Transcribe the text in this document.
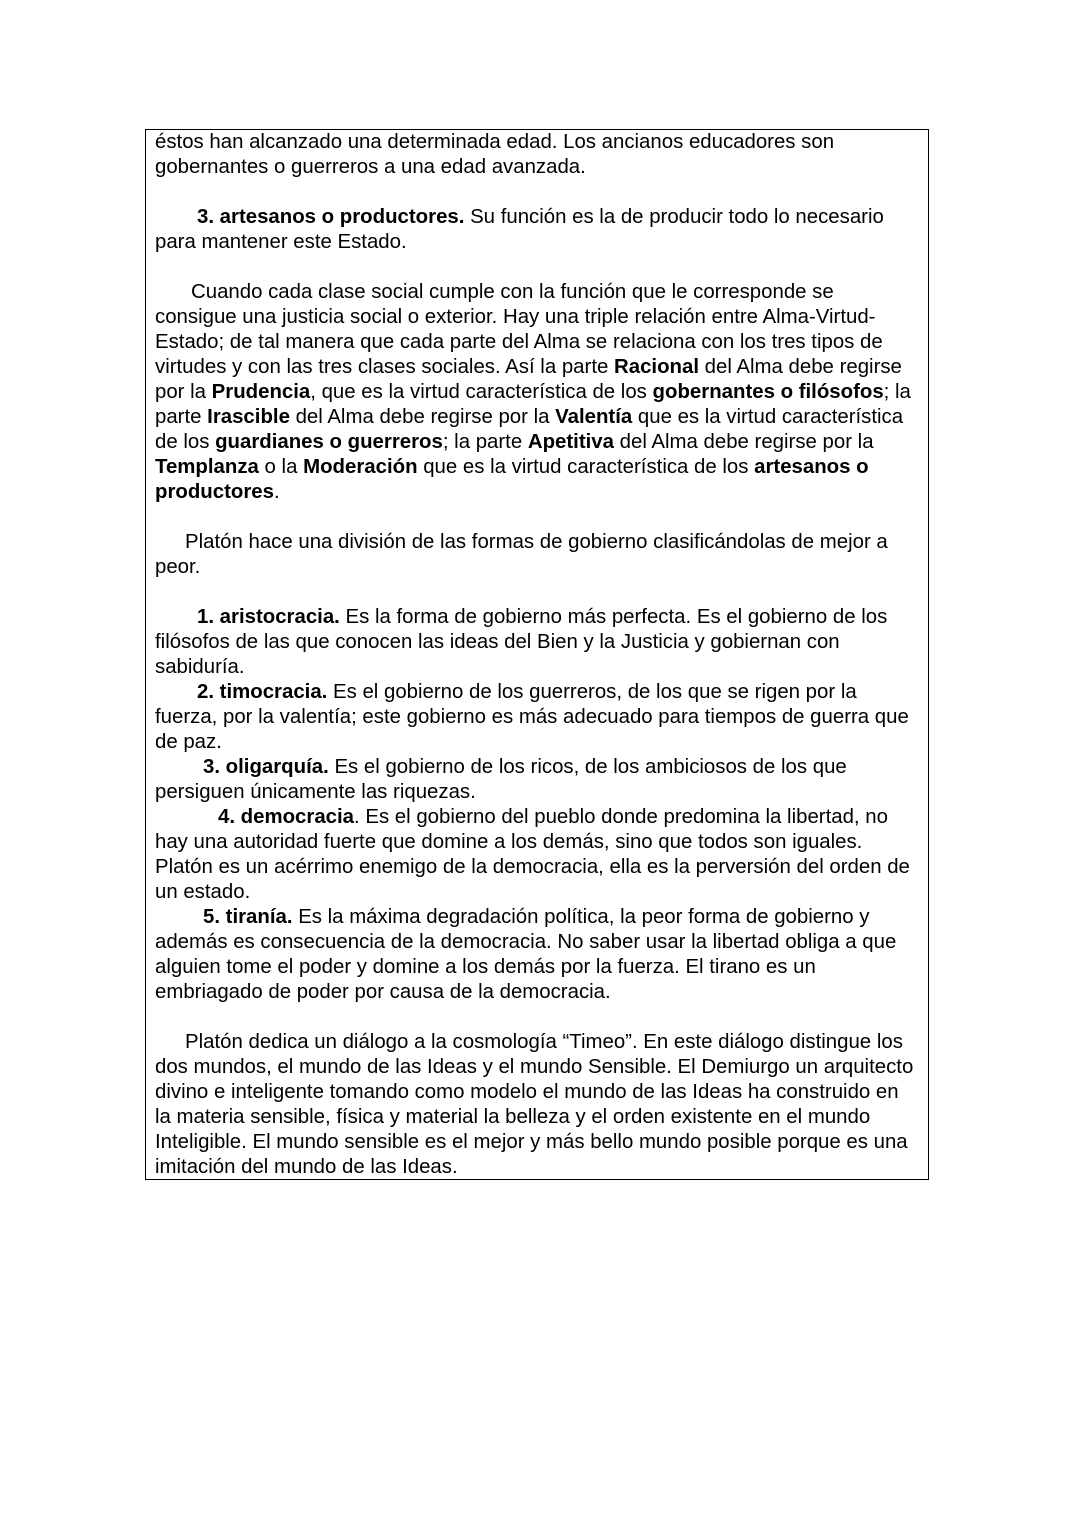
éstos han alcanzado una determinada edad. Los ancianos educadores son gobernantes o guerreros a una edad avanzada.

3. artesanos o productores. Su función es la de producir todo lo necesario para mantener este Estado.

Cuando cada clase social cumple con la función que le corresponde se consigue una justicia social o exterior. Hay una triple relación entre Alma-Virtud- Estado; de tal manera que cada parte del Alma se relaciona con los tres tipos de virtudes y con las tres clases sociales. Así la parte Racional del Alma debe regirse por la Prudencia, que es la virtud característica de los gobernantes o filósofos; la parte Irascible del Alma debe regirse por la Valentía que es la virtud característica de los guardianes o guerreros; la parte Apetitiva del Alma debe regirse por la Templanza o la Moderación que es la virtud característica de los artesanos o productores.

Platón hace una división de las formas de gobierno clasificándolas de mejor a peor.

1. aristocracia. Es la forma de gobierno más perfecta. Es el gobierno de los filósofos de las que conocen las ideas del Bien y la Justicia y gobiernan con sabiduría.

2. timocracia. Es el gobierno de los guerreros, de los que se rigen por la fuerza, por la valentía; este gobierno es más adecuado para tiempos de guerra que de paz.

3. oligarquía. Es el gobierno de los ricos, de los ambiciosos de los que persiguen únicamente las riquezas.

4. democracia. Es el gobierno del pueblo donde predomina la libertad, no hay una autoridad fuerte que domine a los demás, sino que todos son iguales. Platón es un acérrimo enemigo de la democracia, ella es la perversión del orden de un estado.

5. tiranía. Es la máxima degradación política, la peor forma de gobierno y además es consecuencia de la democracia. No saber usar la libertad obliga a que alguien tome el poder y domine a los demás por la fuerza. El tirano es un embriagado de poder por causa de la democracia.

Platón dedica un diálogo a la cosmología “Timeo”. En este diálogo distingue los dos mundos, el mundo de las Ideas y el mundo Sensible. El Demiurgo un arquitecto divino e inteligente tomando como modelo el mundo de las Ideas ha construido en la materia sensible, física y material la belleza y el orden existente en el mundo Inteligible. El mundo sensible es el mejor y más bello mundo posible porque es una imitación del mundo de las Ideas.
